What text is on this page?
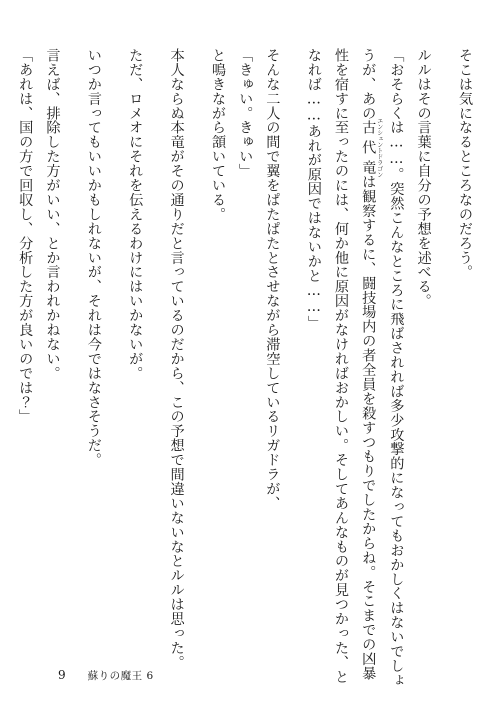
そこは気になるところなのだろう。
ルルはその言葉に自分の予想を述べる。
「おそらくは……。突然こんなところに飛ばされれば多少攻撃的になってもおかしくはないでしょ
うが、あの古代竜 エンシェントドラゴンは観察するに、闘技場内の者全員を殺すつもりでしたからね。そこまでの凶暴
性を宿すに至ったのには、何か他に原因がなければおかしい。そしてあんなものが見つかった、と
なれば……あれが原因ではないかと……」
そんな二人の間で翼をぱたぱたとさせながら滞空しているリガドラが、
「きゅい。きゅい」
と鳴きながら頷いている。
本人ならぬ本竜がその通りだと言っているのだから、この予想で間違いないなとルルは思った。
ただ、ロメオにそれを伝えるわけにはいかないが。
いつか言ってもいいかもしれないが、それは今ではなさそうだ。
言えば、排除した方がいい、とか言われかねない。
「あれは、国の方で回収し、分析した方が良いのでは？」
9 蘇りの魔王 6
